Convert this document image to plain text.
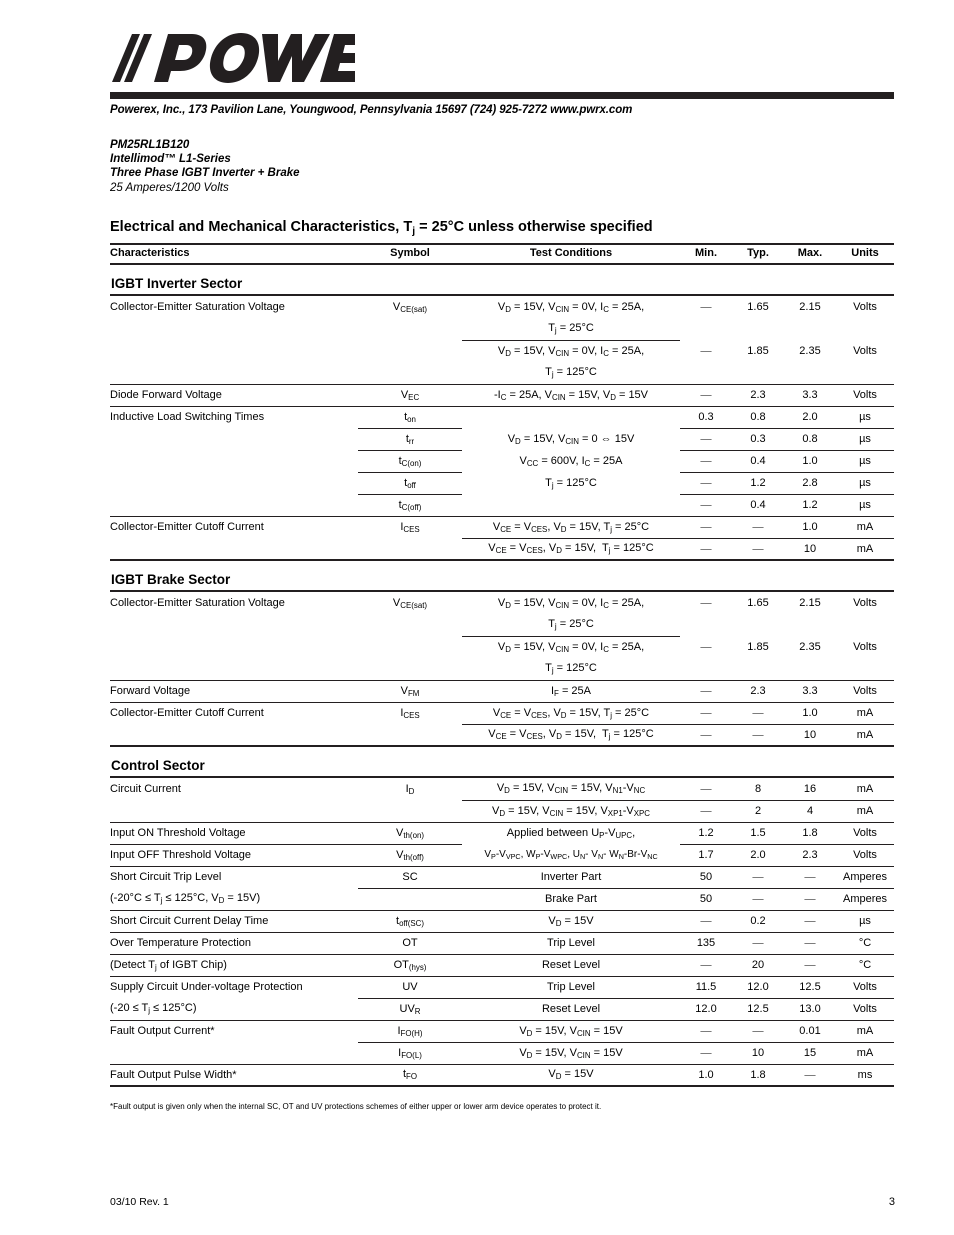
Powerex, Inc., 173 Pavilion Lane, Youngwood, Pennsylvania 15697 (724) 925-7272 www.pwrx.com
PM25RL1B120
Intellimod™ L1-Series
Three Phase IGBT Inverter + Brake
25 Amperes/1200 Volts
Electrical and Mechanical Characteristics, $T_j = 25^\circ C$ unless otherwise specified
Characteristics	Symbol	Test Conditions	Min.	Typ.	Max.	Units
IGBT Inverter Sector						

Collector-Emitter Saturation Voltage	$V_{CE(sat)}$	$V_D = 15V$, $V_{CIN} = 0V$, $I_C = 25A$,	—	1.65	2.15	Volts
		$T_j = 25^\circ C$				
		$V_D = 15V$, $V_{CIN} = 0V$, $I_C = 25A$,	—	1.85	2.35	Volts
		$T_j = 125^\circ C$				
Diode Forward Voltage	$V_{EC}$	$-I_C = 25A$, $V_{CIN} = 15V$, $V_D = 15V$	—	2.3	3.3	Volts
Inductive Load Switching Times	$t_{on}$		0.3	0.8	2.0	µs
	$t_{rr}$	$V_D = 15V$, $V_{CIN} = 0$ ⇔ 15V	—	0.3	0.8	µs
	$t_{C(on)}$	$V_{CC} = 600V$, $I_C = 25A$	—	0.4	1.0	µs
	$t_{off}$	$T_j = 125^\circ C$	—	1.2	2.8	µs
	$t_{C(off)}$		—	0.4	1.2	µs
Collector-Emitter Cutoff Current	$I_{CES}$	$V_{CE} = V_{CES}$, $V_D = 15V$, $T_j = 25^\circ C$	—	—	1.0	mA
		$V_{CE} = V_{CES}$, $V_D = 15V$,  $T_j = 125^\circ C$	—	—	10	mA
IGBT Brake Sector						

Collector-Emitter Saturation Voltage	$V_{CE(sat)}$	$V_D = 15V$, $V_{CIN} = 0V$, $I_C = 25A$,	—	1.65	2.15	Volts
		$T_j = 25^\circ C$				
		$V_D = 15V$, $V_{CIN} = 0V$, $I_C = 25A$,	—	1.85	2.35	Volts
		$T_j = 125^\circ C$				
Forward Voltage	$V_{FM}$	$I_F = 25A$	—	2.3	3.3	Volts
Collector-Emitter Cutoff Current	$I_{CES}$	$V_{CE} = V_{CES}$, $V_D = 15V$, $T_j = 25^\circ C$	—	—	1.0	mA
		$V_{CE} = V_{CES}$, $V_D = 15V$,  $T_j = 125^\circ C$	—	—	10	mA
Control Sector						

Circuit Current	$I_D$	$V_D = 15V$, $V_{CIN} = 15V$, $V_{N1}-V_{NC}$	—	8	16	mA
		$V_D = 15V$, $V_{CIN} = 15V$, $V_{XP1}-V_{XPC}$	—	2	4	mA
Input ON Threshold Voltage	$V_{th(on)}$	Applied between $U_P-V_{UPC}$,	1.2	1.5	1.8	Volts
Input OFF Threshold Voltage	$V_{th(off)}$	$V_P-V_{VPC}$, $W_P-V_{WPC}$, $U_N-$ $V_N-$ $W_N-Br-V_{NC}$	1.7	2.0	2.3	Volts
Short Circuit Trip Level	SC	Inverter Part	50	—	—	Amperes
($-20^\circ C \le T_j \le 125^\circ C$, $V_D = 15V$)		Brake Part	50	—	—	Amperes
Short Circuit Current Delay Time	$t_{off(SC)}$	$V_D = 15V$	—	0.2	—	µs
Over Temperature Protection	OT	Trip Level	135	—	—	°C
(Detect $T_j$ of IGBT Chip)	$OT_{(hys)}$	Reset Level	—	20	—	°C
Supply Circuit Under-voltage Protection	UV	Trip Level	11.5	12.0	12.5	Volts
$(-20 \le T_j \le 125^\circ C)$	$UV_R$	Reset Level	12.0	12.5	13.0	Volts
Fault Output Current*	$I_{FO(H)}$	$V_D = 15V$, $V_{CIN} = 15V$	—	—	0.01	mA
	$I_{FO(L)}$	$V_D = 15V$, $V_{CIN} = 15V$	—	10	15	mA
Fault Output Pulse Width*	$t_{FO}$	$V_D = 15V$	1.0	1.8	—	ms
*Fault output is given only when the internal SC, OT and UV protections schemes of either upper or lower arm device operates to protect it.
03/10 Rev. 1	3
